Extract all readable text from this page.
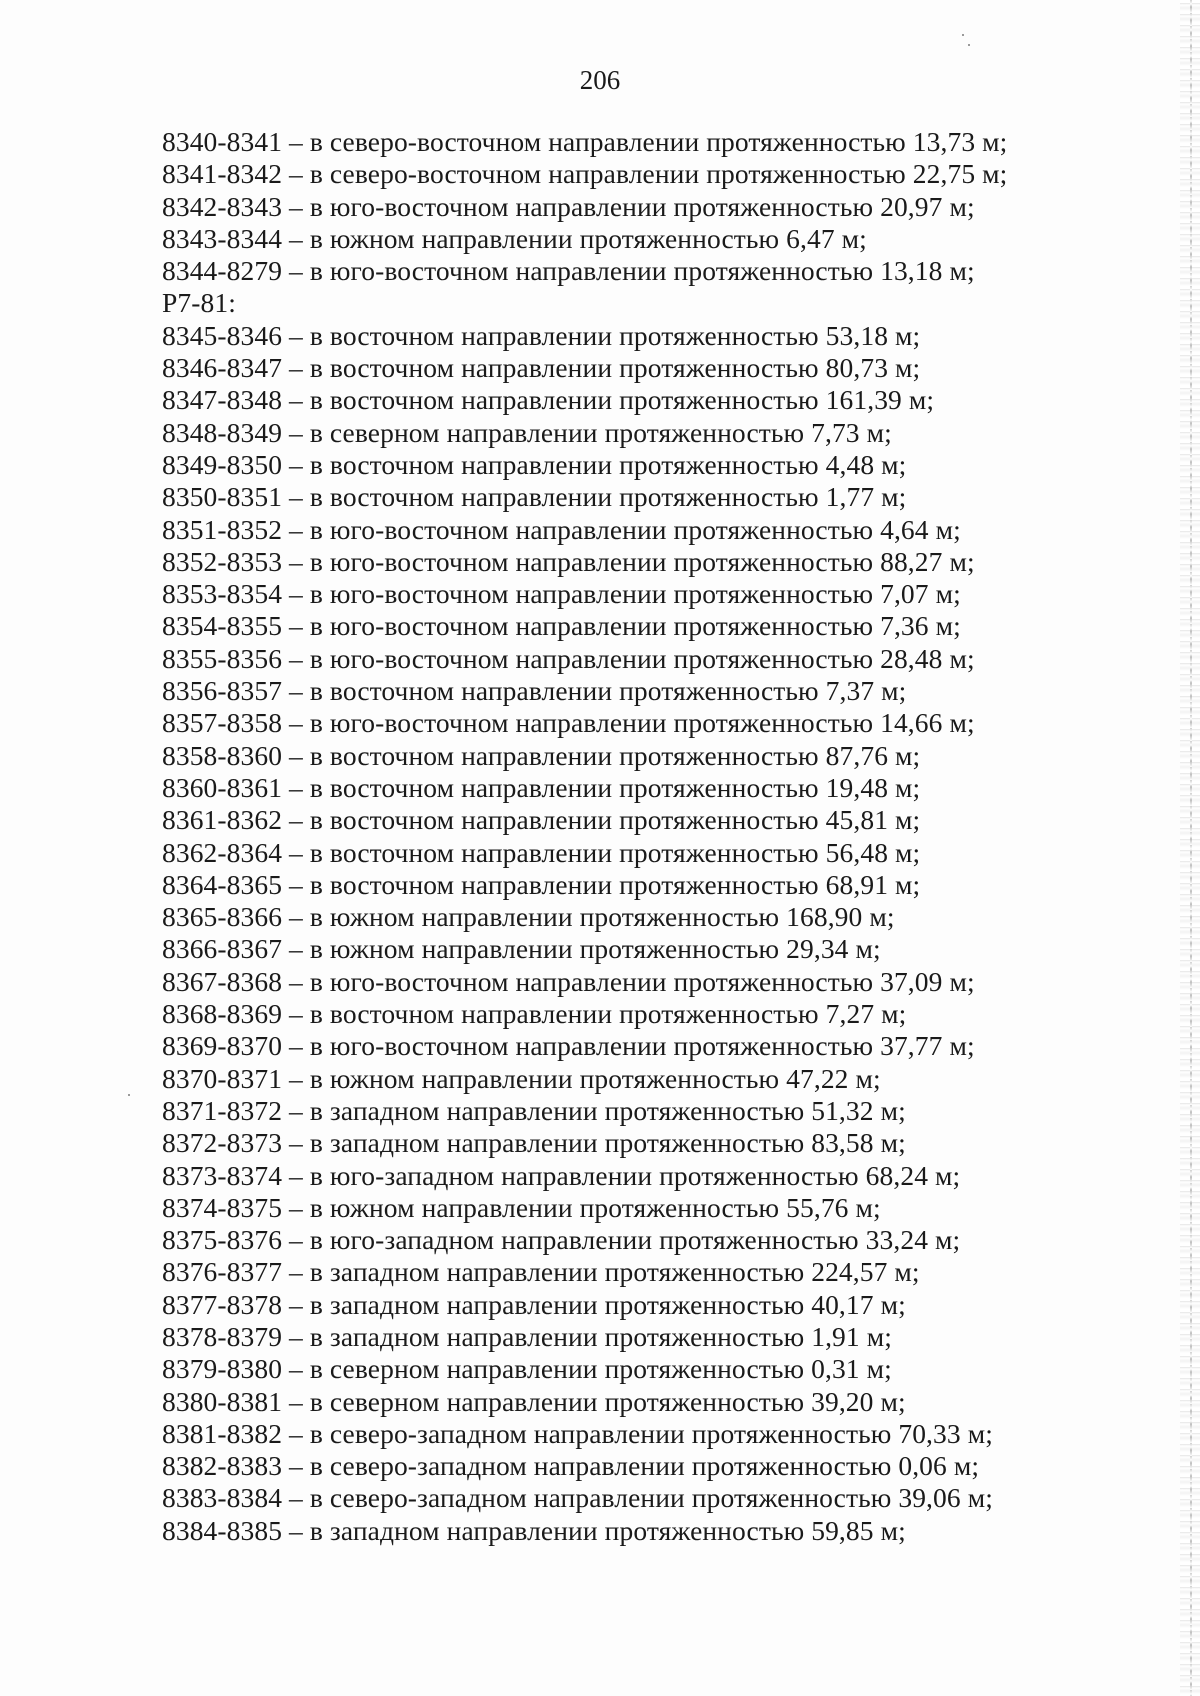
206
8340-8341 – в северо-восточном направлении протяженностью 13,73 м;
8341-8342 – в северо-восточном направлении протяженностью 22,75 м;
8342-8343 – в юго-восточном направлении протяженностью 20,97 м;
8343-8344 – в южном направлении протяженностью 6,47 м;
8344-8279 – в юго-восточном направлении протяженностью 13,18 м;
Р7-81:
8345-8346 – в восточном направлении протяженностью 53,18 м;
8346-8347 – в восточном направлении протяженностью 80,73 м;
8347-8348 – в восточном направлении протяженностью 161,39 м;
8348-8349 – в северном направлении протяженностью 7,73 м;
8349-8350 – в восточном направлении протяженностью 4,48 м;
8350-8351 – в восточном направлении протяженностью 1,77 м;
8351-8352 – в юго-восточном направлении протяженностью 4,64 м;
8352-8353 – в юго-восточном направлении протяженностью 88,27 м;
8353-8354 – в юго-восточном направлении протяженностью 7,07 м;
8354-8355 – в юго-восточном направлении протяженностью 7,36 м;
8355-8356 – в юго-восточном направлении протяженностью 28,48 м;
8356-8357 – в восточном направлении протяженностью 7,37 м;
8357-8358 – в юго-восточном направлении протяженностью 14,66 м;
8358-8360 – в восточном направлении протяженностью 87,76 м;
8360-8361 – в восточном направлении протяженностью 19,48 м;
8361-8362 – в восточном направлении протяженностью 45,81 м;
8362-8364 – в восточном направлении протяженностью 56,48 м;
8364-8365 – в восточном направлении протяженностью 68,91 м;
8365-8366 – в южном направлении протяженностью 168,90 м;
8366-8367 – в южном направлении протяженностью 29,34 м;
8367-8368 – в юго-восточном направлении протяженностью 37,09 м;
8368-8369 – в восточном направлении протяженностью 7,27 м;
8369-8370 – в юго-восточном направлении протяженностью 37,77 м;
8370-8371 – в южном направлении протяженностью 47,22 м;
8371-8372 – в западном направлении протяженностью 51,32 м;
8372-8373 – в западном направлении протяженностью 83,58 м;
8373-8374 – в юго-западном направлении протяженностью 68,24 м;
8374-8375 – в южном направлении протяженностью 55,76 м;
8375-8376 – в юго-западном направлении протяженностью 33,24 м;
8376-8377 – в западном направлении протяженностью 224,57 м;
8377-8378 – в западном направлении протяженностью 40,17 м;
8378-8379 – в западном направлении протяженностью 1,91 м;
8379-8380 – в северном направлении протяженностью 0,31 м;
8380-8381 – в северном направлении протяженностью 39,20 м;
8381-8382 – в северо-западном направлении протяженностью 70,33 м;
8382-8383 – в северо-западном направлении протяженностью 0,06 м;
8383-8384 – в северо-западном направлении протяженностью 39,06 м;
8384-8385 – в западном направлении протяженностью 59,85 м;
